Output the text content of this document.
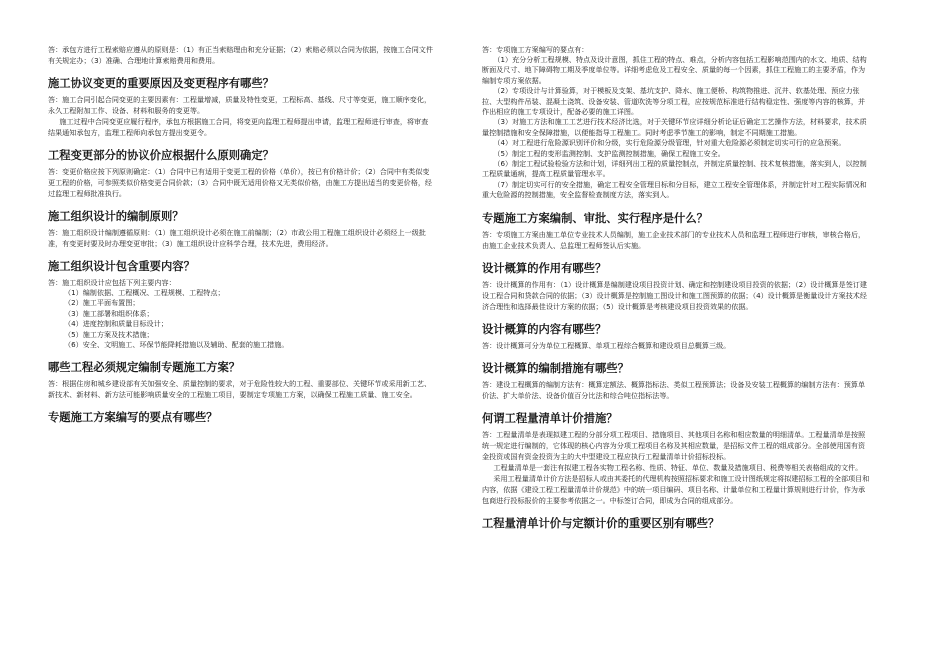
答：承包方进行工程索赔应遵从的原则是：（1）有正当索赔理由和充分证据；（2）索赔必须以合同为依据，按施工合同文件有关规定办；（3）准确、合理地计算索赔费用和费用。

施工协议变更的重要原因及变更程序有哪些？

答：施工合同引起合同变更的主要因素有：工程量增减，质量及特性变更，工程标高、基线、尺寸等变更，施工顺序变化，永久工程附加工作、设备、材料和服务的变更等。

施工过程中合同变更应履行程序，承包方根据施工合同，将变更向监理工程师提出申请，监理工程师进行审查，将审查结果通知承包方，监理工程师向承包方提出变更令。

工程变更部分的协议价应根据什么原则确定？

答：变更价格应按下列原则确定：（1）合同中已有适用于变更工程的价格（单价），按已有价格计价；（2）合同中有类似变更工程的价格，可参照类似价格变更合同价款；（3）合同中既无适用价格又无类似价格，由施工方提出适当的变更价格，经过监理工程师批准执行。

施工组织设计的编制原则？

答：施工组织设计编制遵循原则：（1）施工组织设计必须在施工前编制；（2）市政公用工程施工组织设计必须经上一级批准，有变更时要及时办理变更审批；（3）施工组织设计应科学合理，技术先进，费用经济。

施工组织设计包含重要内容？

答：施工组织设计应包括下列主要内容：

（1）编制依据、工程概况、工程规模、工程特点；
（2）施工平面布置图；
（3）施工部署和组织体系；
（4）进度控制和质量目标设计；
（5）施工方案及技术措施；
（6）安全、文明施工、环保节能降耗措施以及辅助、配套的施工措施。

哪些工程必须规定编制专题施工方案？

答：根据住房和城乡建设部有关加强安全、质量控制的要求，对于危险性较大的工程、重要部位、关键环节或采用新工艺、新技术、新材料、新方法可能影响质量安全的工程施工项目，要制定专项施工方案，以确保工程施工质量、施工安全。

专题施工方案编写的要点有哪些？

答：专项施工方案编写的要点有：

（1）充分分析工程规模、特点及设计意图，抓住工程的特点、难点，分析内容包括工程影响范围内的水文、地质、结构断面及尺寸、地下障碍物工期及季度单位等。详细考虑危及工程安全、质量的每一个因素，抓住工程施工的主要矛盾，作为编制专项方案依据。
（2）专项设计与计算验算，对于模板及支架、基坑支护、降水、施工便桥、构筑物推进、沉井、软基处理、预应力张拉、大型构件吊装、混凝土浇筑、设备安装、管道吹洗等分项工程，应按规范标准进行结构稳定性、强度等内容的核算，并作出相应的施工专项设计，配备必要的施工详图。
（3）对施工方法和施工工艺进行技术经济比选，对于关键环节应详细分析论证后确定工艺操作方法，材料要求，技术质量控制措施和安全保障措施，以便能指导工程施工。同时考虑季节施工的影响，制定不同期施工措施。
（4）对工程进行危险源识别评价和分级，实行危险源分级管理，针对重大危险源必须制定切实可行的应急预案。
（5）制定工程的变形监测控制、支护监测控制措施，确保工程施工安全。
（6）制定工程试验检验方法和计划，详细列出工程的质量控制点，并制定质量控制、技术复核措施，落实到人，以控制工程质量通病，提高工程质量管理水平。
（7）制定切实可行的安全措施，确定工程安全管理目标和分目标，建立工程安全管理体系，并制定针对工程实际情况和重大危险源的控制措施，安全监督检查制度方法，落实到人。

专题施工方案编制、审批、实行程序是什么？

答：专项施工方案由施工单位专业技术人员编制，施工企业技术部门的专业技术人员和监理工程师进行审核，审核合格后，由施工企业技术负责人、总监理工程师签认后实施。

设计概算的作用有哪些？

答：设计概算的作用有：（1）设计概算是编制建设项目投资计划、确定和控制建设项目投资的依据；（2）设计概算是签订建设工程合同和贷款合同的依据；（3）设计概算是控制施工图设计和施工图预算的依据；（4）设计概算是衡量设计方案技术经济合理性和选择最佳设计方案的依据；（5）设计概算是考核建设项目投资效果的依据。

设计概算的内容有哪些？

答：设计概算可分为单位工程概算、单项工程综合概算和建设项目总概算三级。

设计概算的编制措施有哪些？

答：建设工程概算的编制方法有：概算定额法、概算指标法、类似工程预算法；设备及安装工程概算的编制方法有：预算单价法、扩大单价法、设备价值百分比法和综合吨位指标法等。

何谓工程量清单计价措施？

答：工程量清单是表现拟建工程的分部分项工程项目、措施项目、其他项目名称和相应数量的明细清单。工程量清单是按照统一规定进行编制的，它体现的核心内容为分项工程项目名称及其相应数量，是招标文件工程的组成部分。全部使用国有资金投资或国有资金投资为主的大中型建设工程应执行工程量清单计价招标投标。

工程量清单是一套注有拟建工程各实物工程名称、性质、特征、单位、数量及措施项目、税费等相关表格组成的文件。

采用工程量清单计价方法是招标人或由其委托的代理机构按照招标要求和施工设计图纸规定将拟建招标工程的全部项目和内容，依据《建设工程工程量清单计价规范》中的统一项目编码、项目名称、计量单位和工程量计算规则进行计价，作为承包商进行投标报价的主要参考依据之一。中标签订合同，即成为合同的组成部分。

工程量清单计价与定额计价的重要区别有哪些？
